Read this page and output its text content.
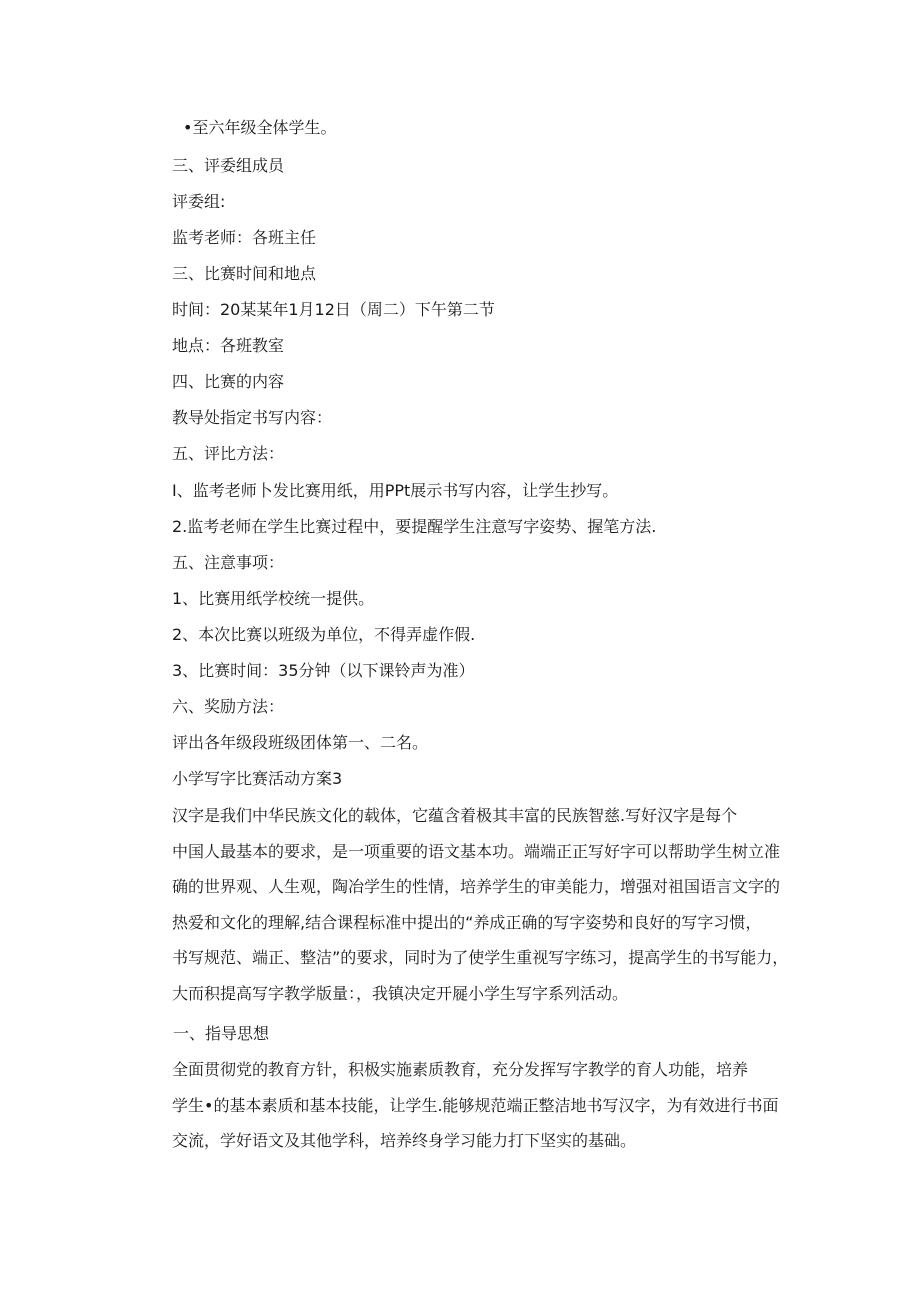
•至六年级全体学生。
三、评委组成员
评委组:
监考老师：各班主任
三、比赛时间和地点
时间：20某某年1月12日（周二）下午第二节
地点：各班教室
四、比赛的内容
教导处指定书写内容：
五、评比方法：
I、监考老师卜发比赛用纸，用PPt展示书写内容，让学生抄写。
2.监考老师在学生比赛过程中，要提醒学生注意写字姿势、握笔方法.
五、注意事项：
1、比赛用纸学校统一提供。
2、本次比赛以班级为单位，不得弄虚作假.
3、比赛时间：35分钟（以下课铃声为准）
六、奖励方法：
评出各年级段班级团体第一、二名。
小学写字比赛活动方案3
汉字是我们中华民族文化的载体，它蕴含着极其丰富的民族智慈.写好汉字是每个
中国人最基本的要求，是一项重要的语文基本功。端端正正写好字可以帮助学生树立准
确的世界观、人生观，陶冶学生的性情，培养学生的审美能力，增强对祖国语言文字的
热爱和文化的理解,结合课程标准中提出的“养成正确的写字姿势和良好的写字习惯，
书写规范、端正、整洁”的要求，同时为了使学生重视写字练习，提高学生的书写能力，
大而积提高写字教学版量：，我镇决定开屣小学生写字系列活动。
一、指导思想
全面贯彻党的教育方针，积极实施素质教育，充分发挥写字教学的育人功能，培养
学生•的基本素质和基本技能，让学生.能够规范端正整洁地书写汉字，为有效进行书面
交流，学好语文及其他学科，培养终身学习能力打下坚实的基础。
